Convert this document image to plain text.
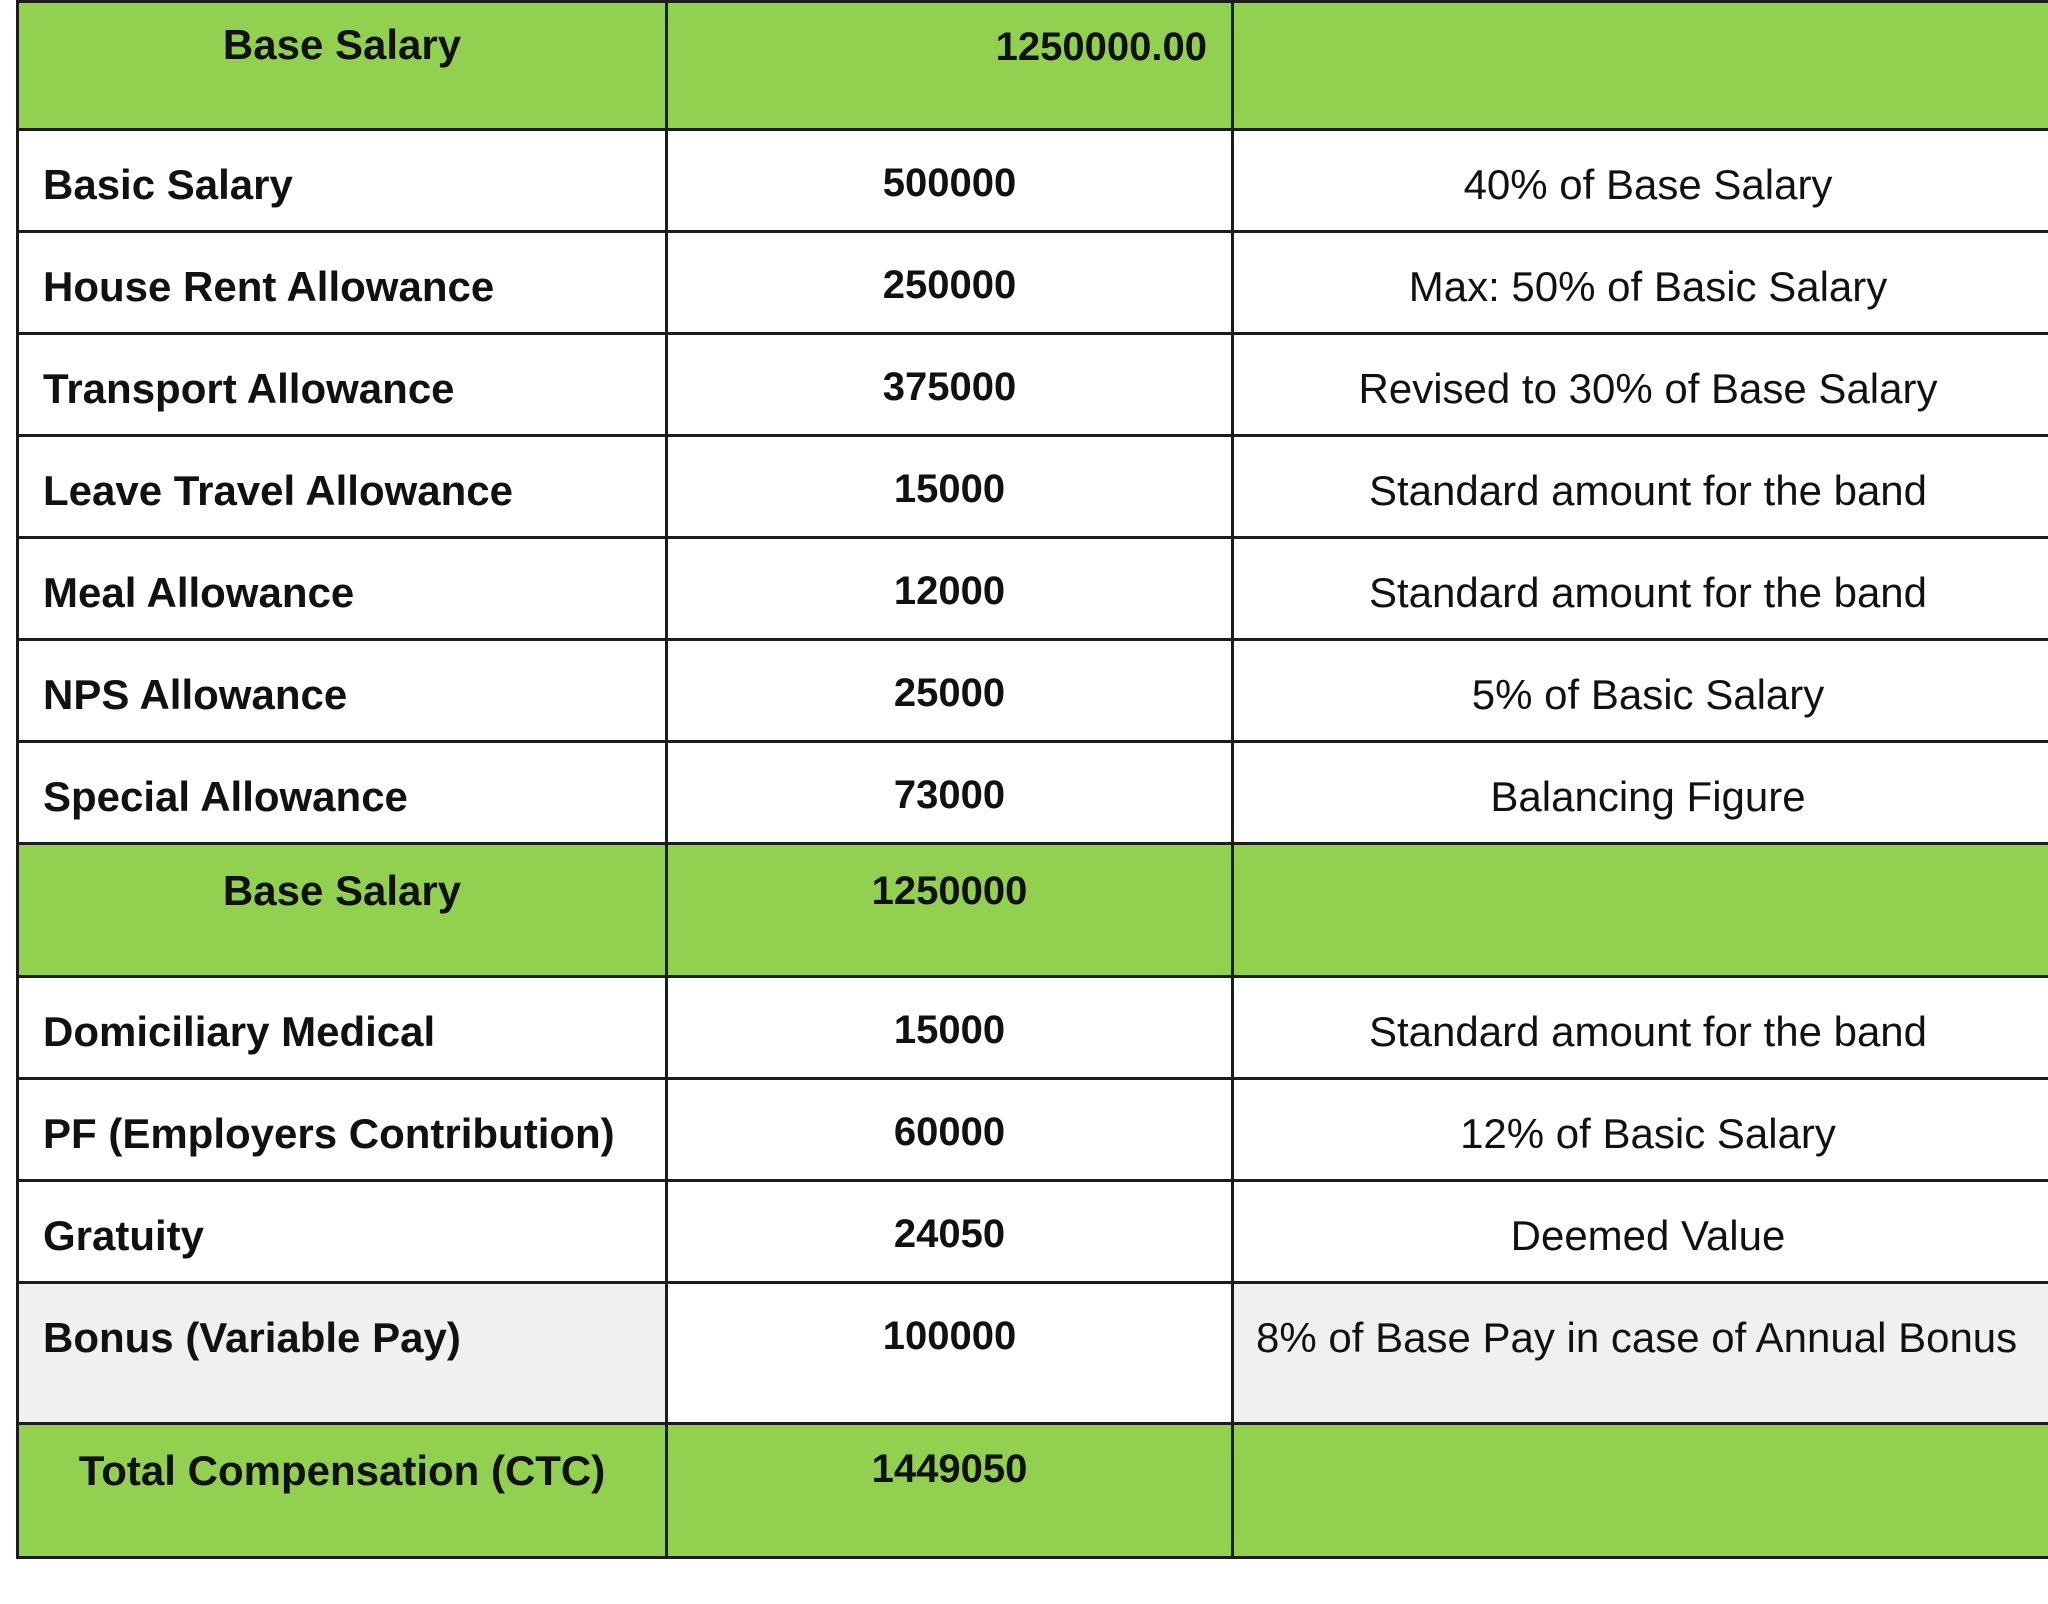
Base Salary	1250000.00	

Basic Salary	500000	40% of Base Salary

House Rent Allowance	250000	Max: 50% of Basic Salary

Transport Allowance	375000	Revised to 30% of Base Salary

Leave Travel Allowance	15000	Standard amount for the band

Meal Allowance	12000	Standard amount for the band

NPS Allowance	25000	5% of Basic Salary

Special Allowance	73000	Balancing Figure

Base Salary	1250000	

Domiciliary Medical	15000	Standard amount for the band

PF (Employers Contribution)	60000	12% of Basic Salary

Gratuity	24050	Deemed Value

Bonus (Variable Pay)	100000	8% of Base Pay in case of Annual Bonus

Total Compensation (CTC)	1449050	
